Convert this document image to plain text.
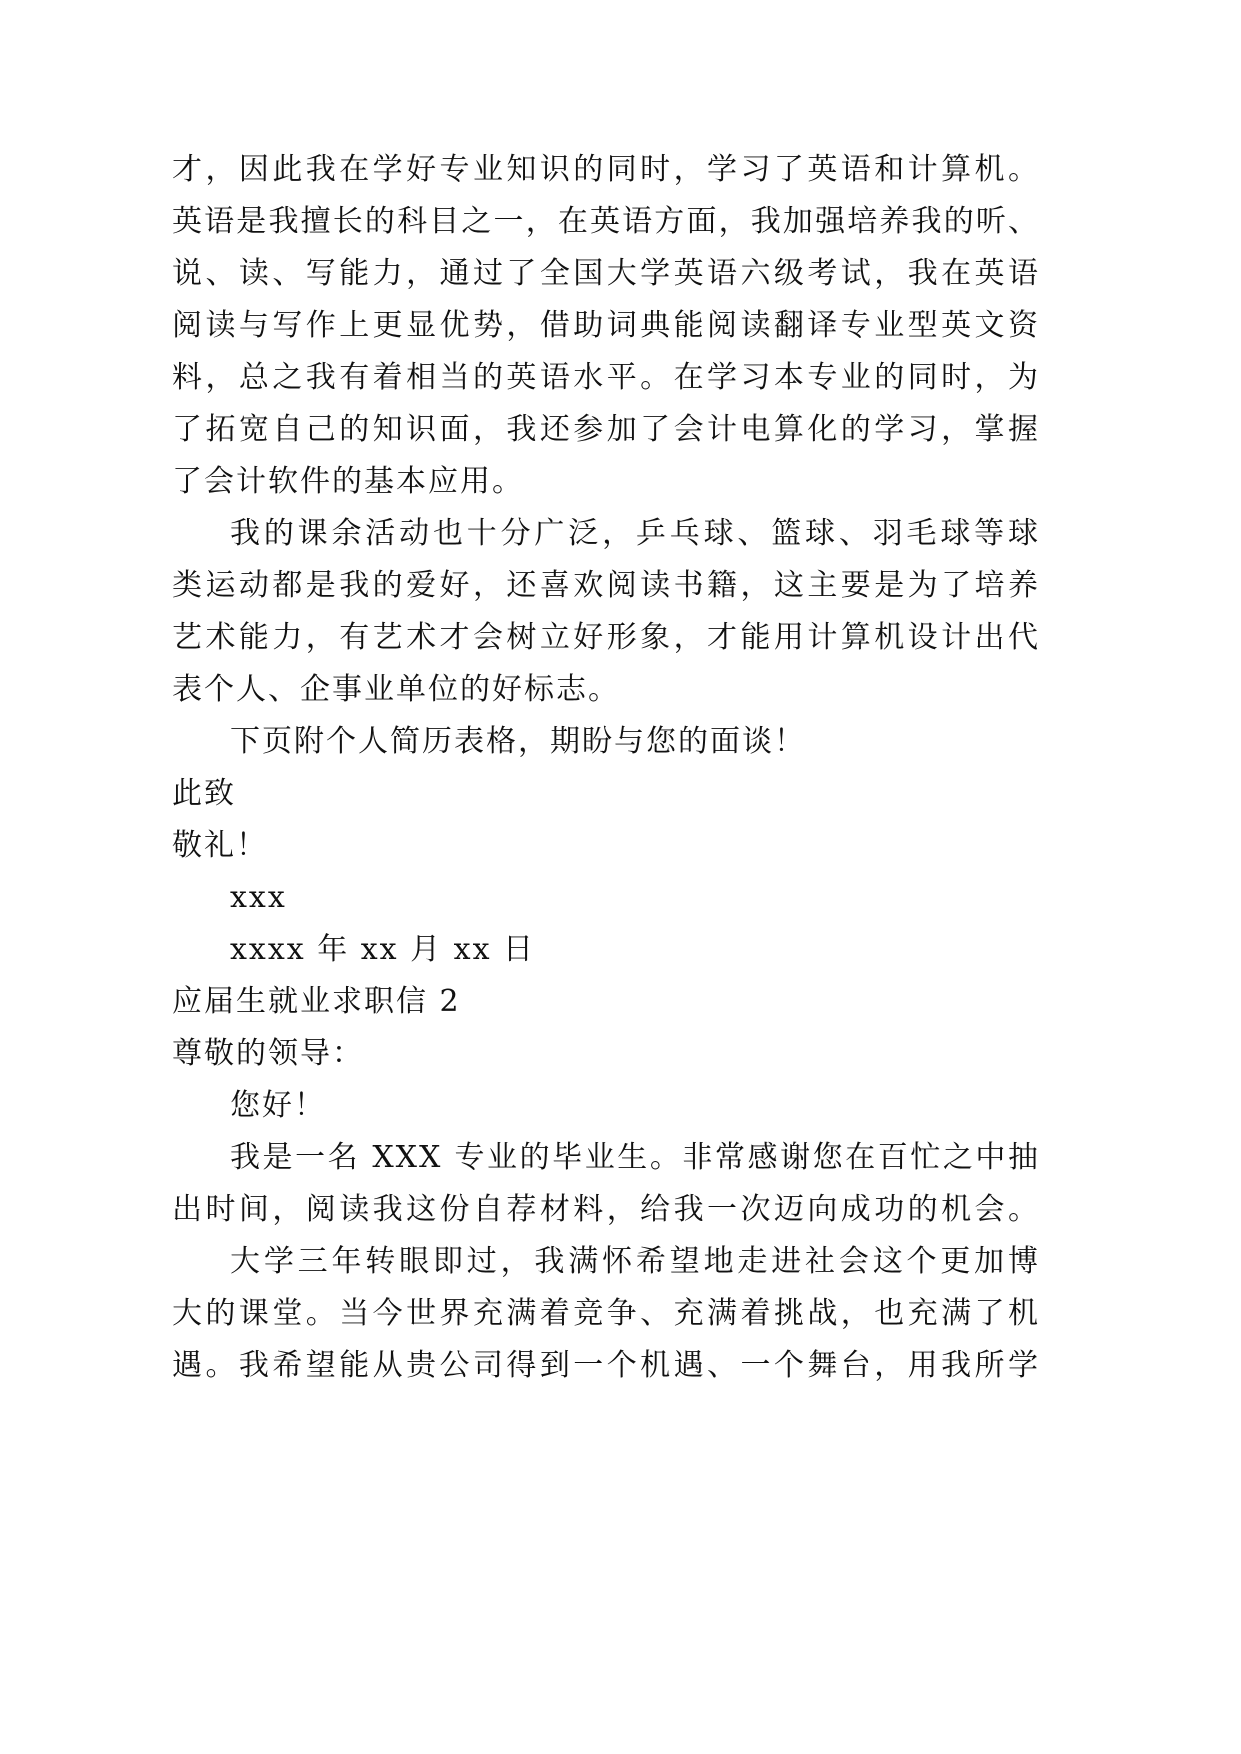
才，因此我在学好专业知识的同时，学习了英语和计算机。
英语是我擅长的科目之一，在英语方面，我加强培养我的听、
说、读、写能力，通过了全国大学英语六级考试，我在英语
阅读与写作上更显优势，借助词典能阅读翻译专业型英文资
料，总之我有着相当的英语水平。在学习本专业的同时，为
了拓宽自己的知识面，我还参加了会计电算化的学习，掌握
了会计软件的基本应用。
我的课余活动也十分广泛，乒乓球、篮球、羽毛球等球
类运动都是我的爱好，还喜欢阅读书籍，这主要是为了培养
艺术能力，有艺术才会树立好形象，才能用计算机设计出代
表个人、企事业单位的好标志。
下页附个人简历表格，期盼与您的面谈！
此致
敬礼！
xxx
xxxx 年 xx 月 xx 日
应届生就业求职信 2
尊敬的领导：
您好！
我是一名 XXX 专业的毕业生。非常感谢您在百忙之中抽
出时间，阅读我这份自荐材料，给我一次迈向成功的机会。
大学三年转眼即过，我满怀希望地走进社会这个更加博
大的课堂。当今世界充满着竞争、充满着挑战，也充满了机
遇。我希望能从贵公司得到一个机遇、一个舞台，用我所学
